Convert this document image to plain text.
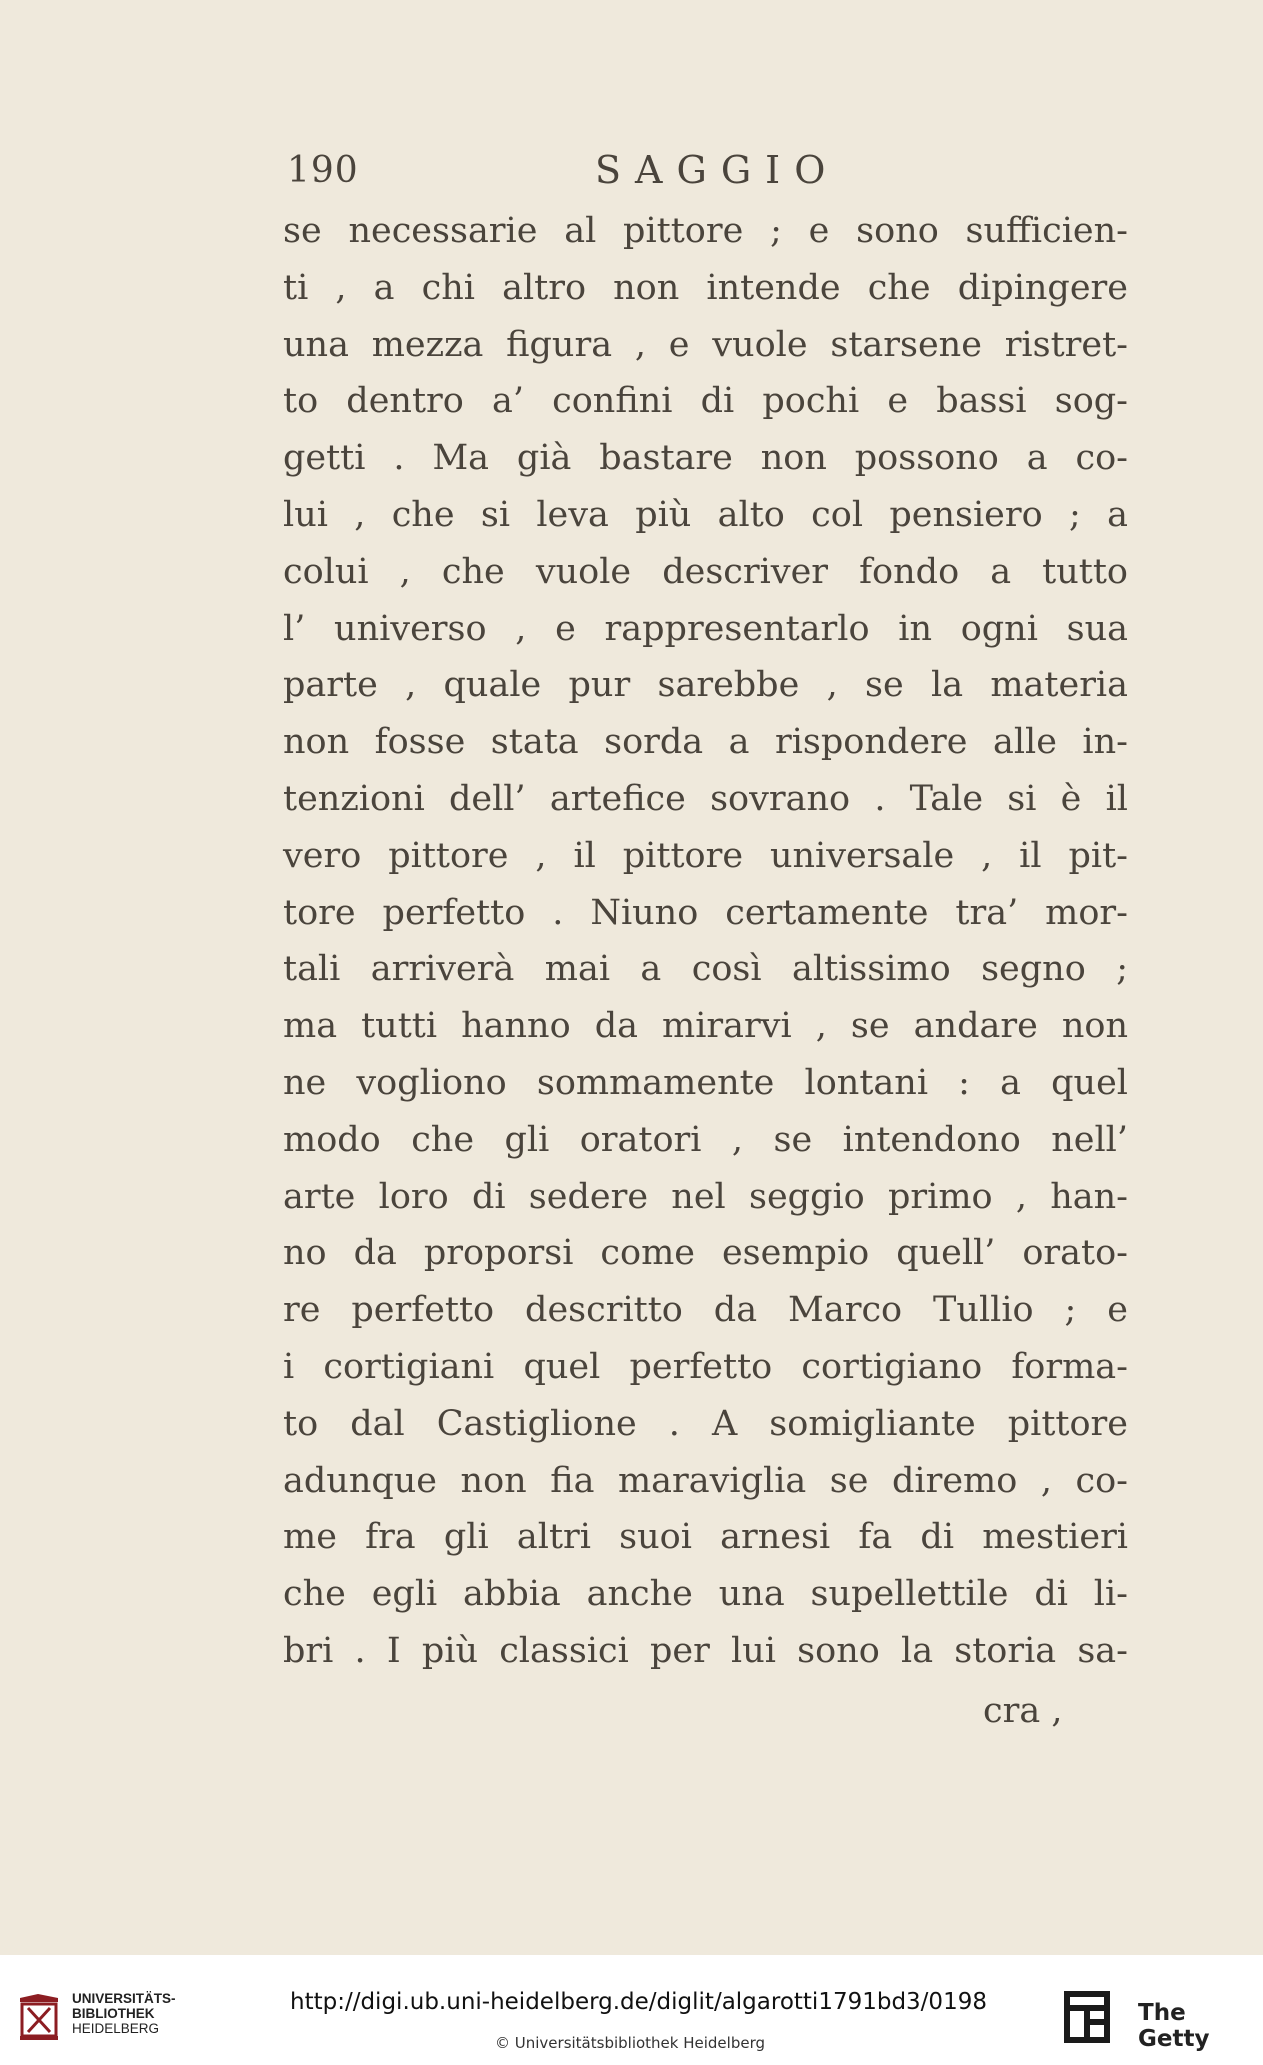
190	SAGGIO
se necessarie al pittore ; e sono sufficien-
ti , a chi altro non intende che dipingere
una mezza figura , e vuole starsene ristret-
to dentro a’ confini di pochi e bassi sog-
getti . Ma già bastare non possono a co-
lui , che si leva più alto col pensiero ; a
colui , che vuole descriver fondo a tutto
l’ universo , e rappresentarlo in ogni sua
parte , quale pur sarebbe , se la materia
non fosse stata sorda a rispondere alle in-
tenzioni dell’ artefice sovrano . Tale si è il
vero pittore , il pittore universale , il pit-
tore perfetto . Niuno certamente tra’ mor-
tali arriverà mai a così altissimo segno ;
ma tutti hanno da mirarvi , se andare non
ne vogliono sommamente lontani : a quel
modo che gli oratori , se intendono nell’
arte loro di sedere nel seggio primo , han-
no da proporsi come esempio quell’ orato-
re perfetto descritto da Marco Tullio ; e
i cortigiani quel perfetto cortigiano forma-
to dal Castiglione . A somigliante pittore
adunque non fia maraviglia se diremo , co-
me fra gli altri suoi arnesi fa di mestieri
che egli abbia anche una supellettile di li-
bri . I più classici per lui sono la storia sa-
cra ,
UNIVERSITÄTS-
BIBLIOTHEK
HEIDELBERG
http://digi.ub.uni-heidelberg.de/diglit/algarotti1791bd3/0198
© Universitätsbibliothek Heidelberg
The Getty
